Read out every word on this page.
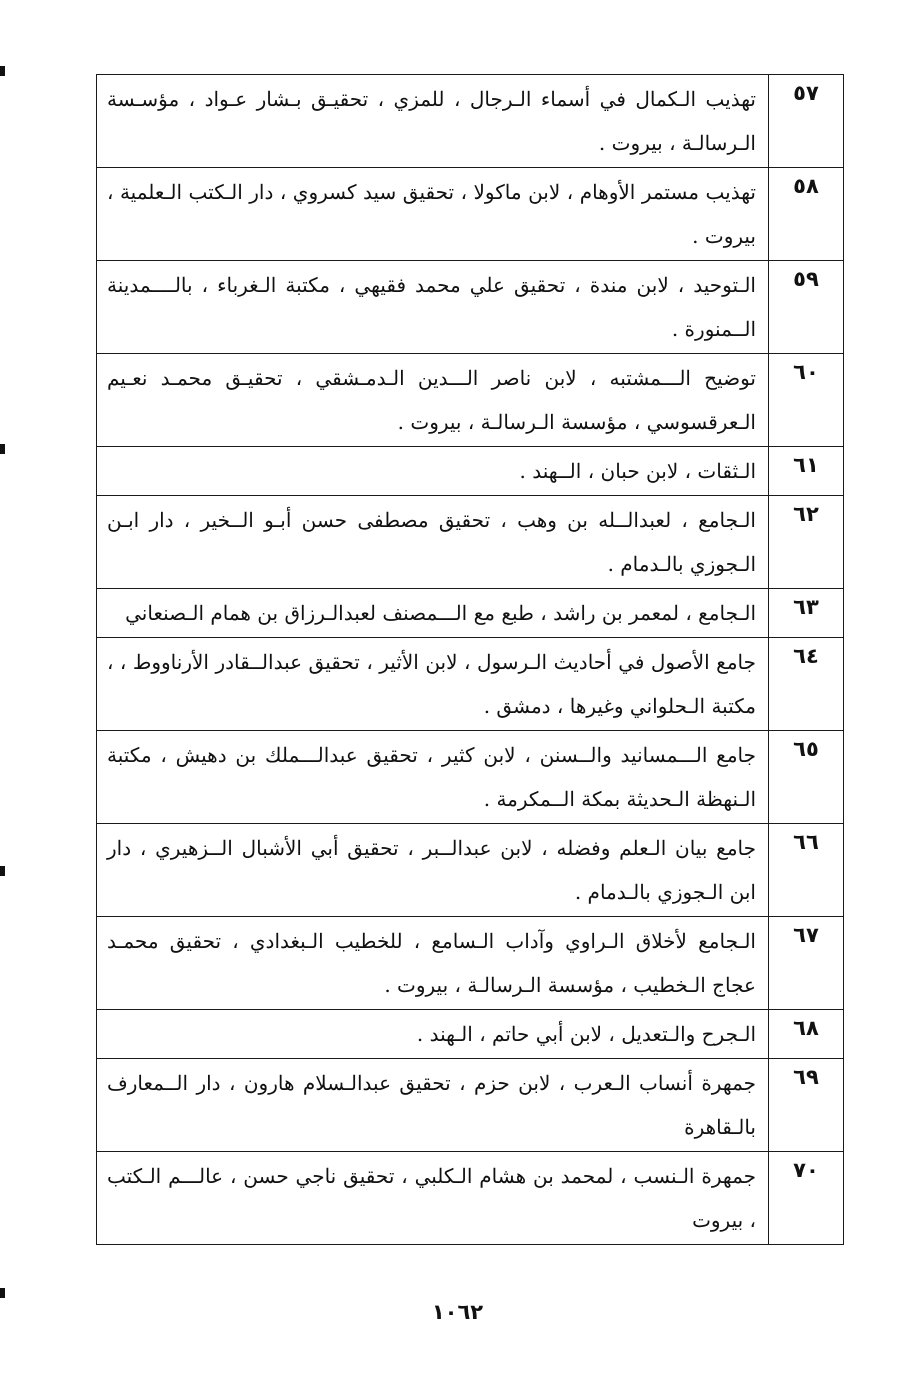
٥٧	تهذيب الـكمال في أسماء الـرجال ، للمزي ، تحقيـق بـشار عـواد ، مؤسـسة الـرسالـة ، بيروت .
٥٨	تهذيب مستمر الأوهام ، لابن ماكولا ، تحقيق سيد كسروي ، دار الـكتب الـعلمية ، بيروت .
٥٩	الـتوحيد ، لابن مندة ، تحقيق علي محمد فقيهي ، مكتبة الـغرباء ، بالــــمدينة الــمنورة .
٦٠	توضيح الـــمشتبه ، لابن ناصر الـــدين الـدمـشقي ، تحقيـق محمـد نعـيم الـعرقسوسي ، مؤسسة الـرسالـة ، بيروت .
٦١	الـثقات ، لابن حبان ، الــهند .
٦٢	الـجامع ، لعبدالــله بن وهب ، تحقيق مصطفى حسن أبـو الــخير ، دار ابـن الـجوزي بالـدمام .
٦٣	الـجامع ، لمعمر بن راشد ، طبع مع الـــمصنف لعبدالـرزاق بن همام الـصنعاني
٦٤	جامع الأصول في أحاديث الـرسول ، لابن الأثير ، تحقيق عبدالــقادر الأرناووط ، ، مكتبة الـحلواني وغيرها ، دمشق .
٦٥	جامع الـــمسانيد والــسنن ، لابن كثير ، تحقيق عبدالـــملك بن دهيش ، مكتبة الـنهظة الـحديثة بمكة الــمكرمة .
٦٦	جامع بيان الـعلم وفضله ، لابن عبدالــبر ، تحقيق أبي الأشبال الــزهيري ، دار ابن الـجوزي بالـدمام .
٦٧	الـجامع لأخلاق الـراوي وآداب الـسامع ، للخطيب الـبغدادي ، تحقيق محمـد عجاج الـخطيب ، مؤسسة الـرسالـة ، بيروت .
٦٨	الـجرح والـتعديل ، لابن أبي حاتم ، الـهند .
٦٩	جمهرة أنساب الـعرب ، لابن حزم ، تحقيق عبدالـسلام هارون ، دار الــمعارف بالـقاهرة
٧٠	جمهرة الـنسب ، لمحمد بن هشام الـكلبي ، تحقيق ناجي حسن ، عالـــم الـكتب ، بيروت
١٠٦٢
